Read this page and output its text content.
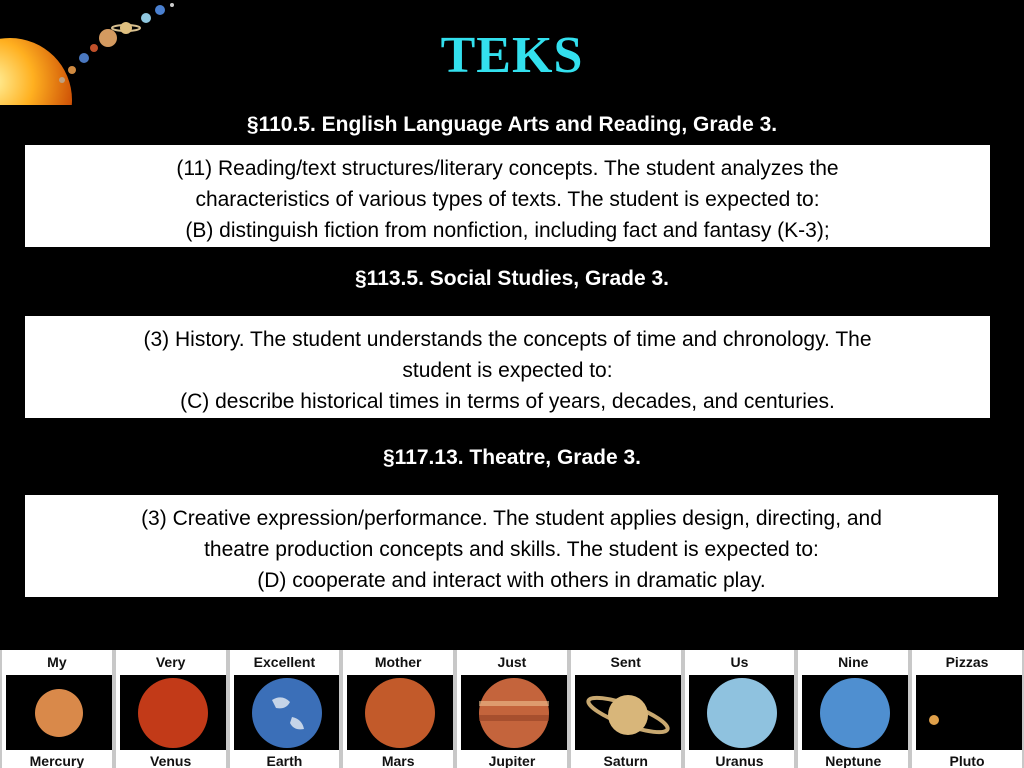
TEKS
§110.5. English Language Arts and Reading, Grade 3.
(11) Reading/text structures/literary concepts. The student analyzes the
characteristics of various types of texts. The student is expected to:
(B) distinguish fiction from nonfiction, including fact and fantasy (K-3);
§113.5. Social Studies, Grade 3.
(3) History. The student understands the concepts of time and chronology. The
student is expected to:
(C) describe historical times in terms of years, decades, and centuries.
§117.13. Theatre, Grade 3.
(3) Creative expression/performance. The student applies design, directing, and
theatre production concepts and skills. The student is expected to:
(D) cooperate and interact with others in dramatic play.
My
Mercury
Very
Venus
Excellent
Earth
Mother
Mars
Just
Jupiter
Sent
Saturn
Us
Uranus
Nine
Neptune
Pizzas
Pluto
